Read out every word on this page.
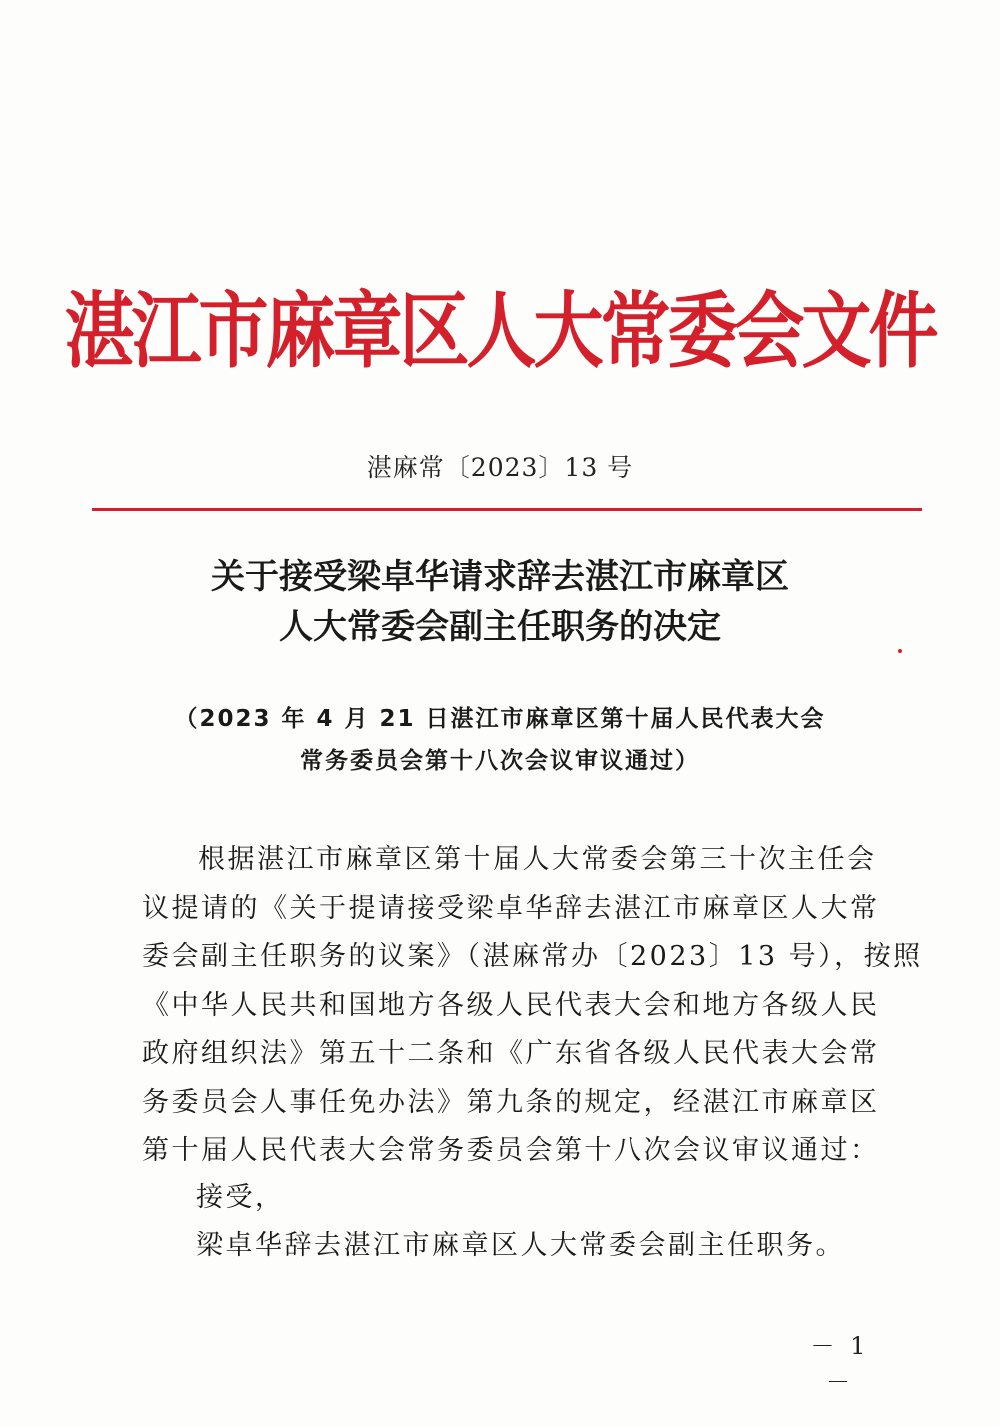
湛江市麻章区人大常委会文件
湛麻常〔2023〕13 号
关于接受梁卓华请求辞去湛江市麻章区
人大常委会副主任职务的决定
（2023 年 4 月 21 日湛江市麻章区第十届人民代表大会
常务委员会第十八次会议审议通过）
根据湛江市麻章区第十届人大常委会第三十次主任会
议提请的《关于提请接受梁卓华辞去湛江市麻章区人大常
委会副主任职务的议案》（湛麻常办〔2023〕13 号），按照
《中华人民共和国地方各级人民代表大会和地方各级人民
政府组织法》第五十二条和《广东省各级人民代表大会常
务委员会人事任免办法》第九条的规定，经湛江市麻章区
第十届人民代表大会常务委员会第十八次会议审议通过：
接受，
梁卓华辞去湛江市麻章区人大常委会副主任职务。
－ 1 －
